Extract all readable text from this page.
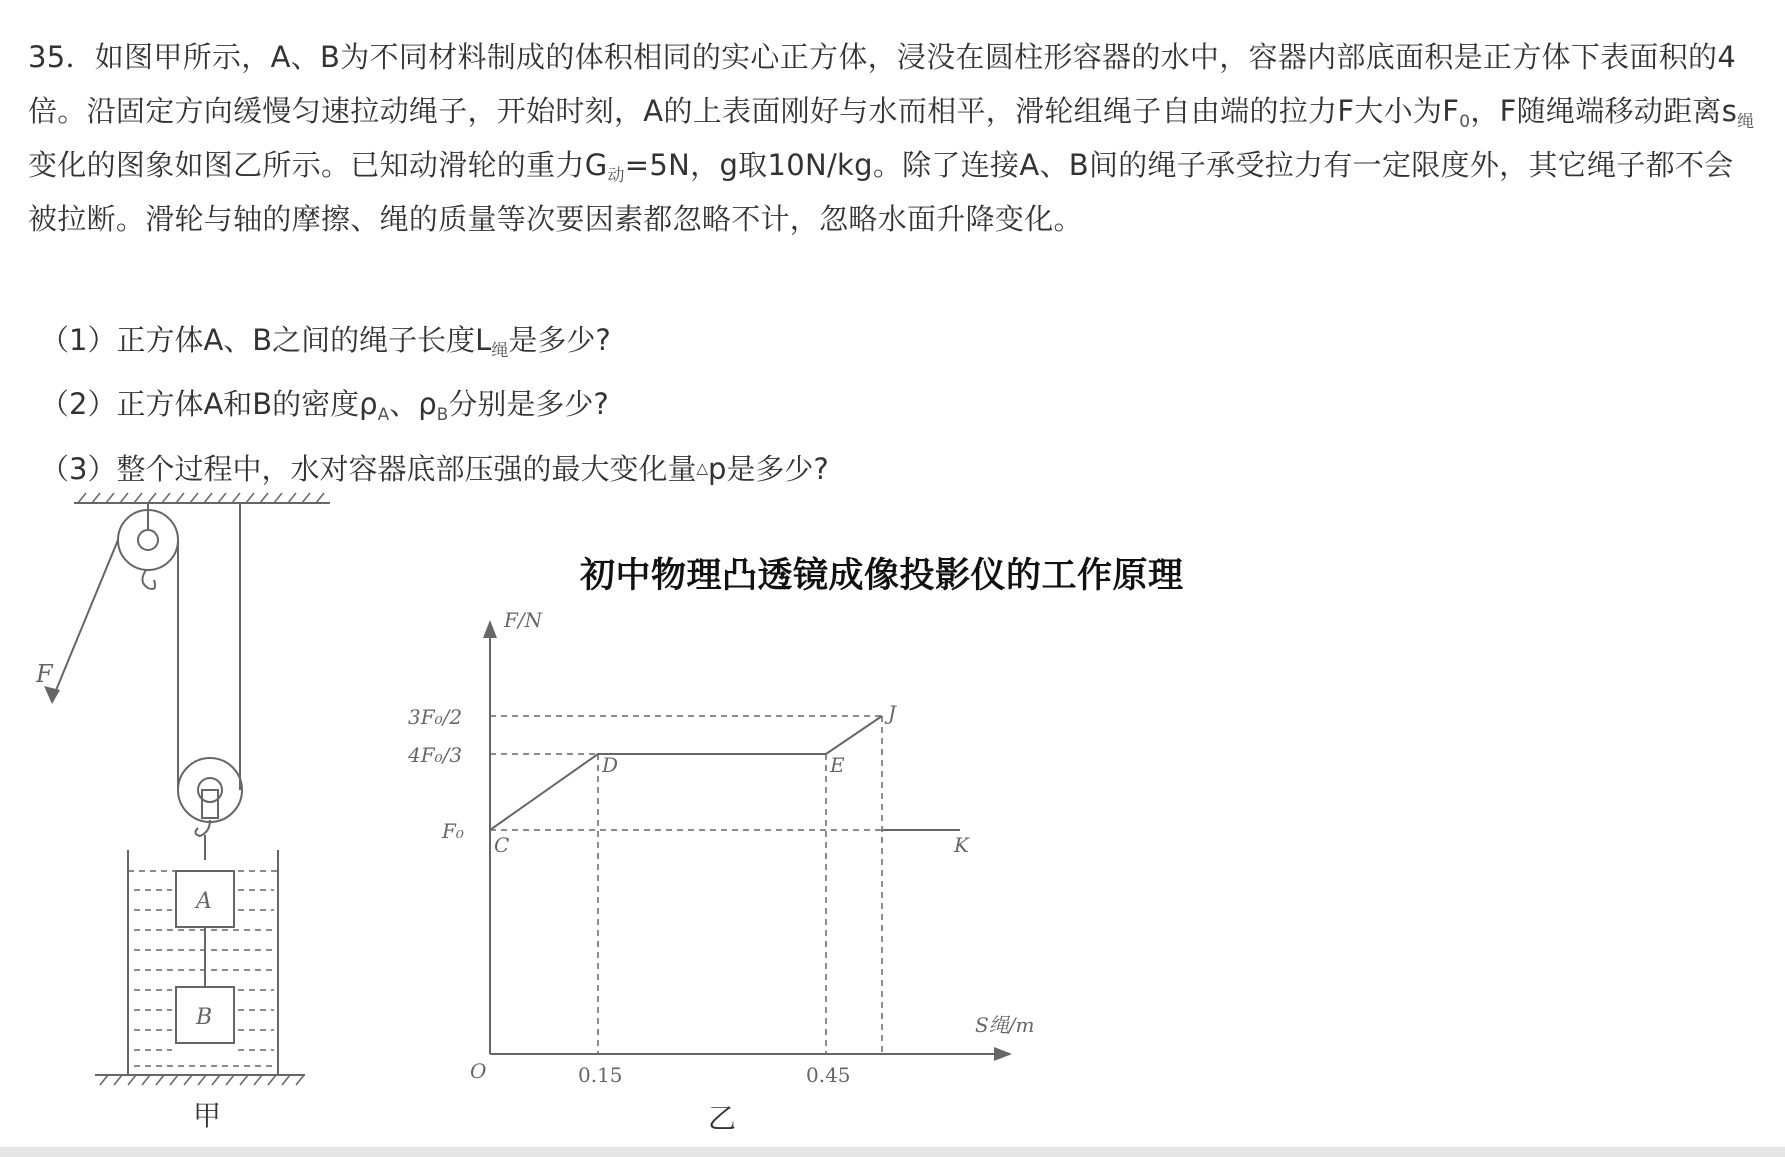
35．如图甲所示，A、B为不同材料制成的体积相同的实心正方体，浸没在圆柱形容器的水中，容器内部底面积是正方体下表面积的4倍。沿固定方向缓慢匀速拉动绳子，开始时刻，A的上表面刚好与水而相平，滑轮组绳子自由端的拉力F大小为$F_0$，F随绳端移动距离$s_绳$变化的图象如图乙所示。已知动滑轮的重力$G_动=5N$，g取10N/kg。除了连接A、B间的绳子承受拉力有一定限度外，其它绳子都不会被拉断。滑轮与轴的摩擦、绳的质量等次要因素都忽略不计，忽略水面升降变化。

（1）正方体A、B之间的绳子长度$L_绳$是多少?
（2）正方体A和B的密度$\rho_A$、$\rho_B$分别是多少?
（3）整个过程中，水对容器底部压强的最大变化量△p是多少?
F
A
B
甲
F/N
S绳/m
O
3F₀/2
4F₀/3
F₀
0.15	0.45
C
D	E
J
K
乙
初中物理凸透镜成像投影仪的工作原理
